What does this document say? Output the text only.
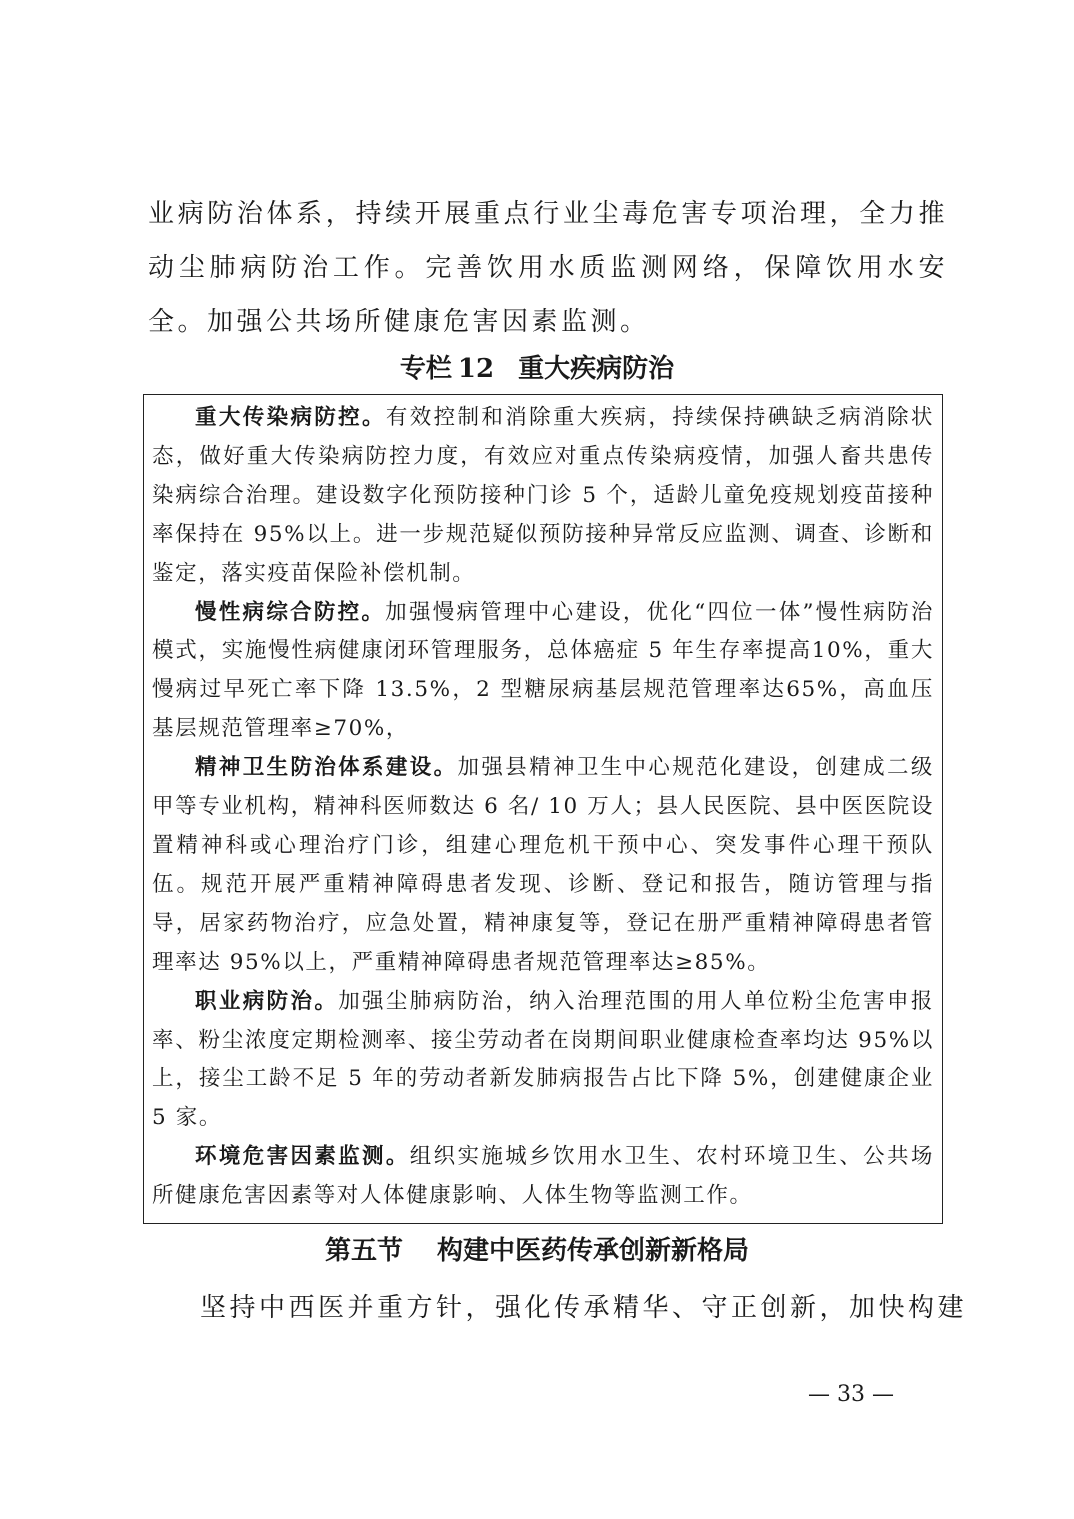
业病防治体系，持续开展重点行业尘毒危害专项治理，全力推动尘肺病防治工作。完善饮用水质监测网络，保障饮用水安全。加强公共场所健康危害因素监测。

专栏 12 重大疾病防治

重大传染病防控。有效控制和消除重大疾病，持续保持碘缺乏病消除状态，做好重大传染病防控力度，有效应对重点传染病疫情，加强人畜共患传染病综合治理。建设数字化预防接种门诊 5 个，适龄儿童免疫规划疫苗接种率保持在 95%以上。进一步规范疑似预防接种异常反应监测、调查、诊断和鉴定，落实疫苗保险补偿机制。

慢性病综合防控。加强慢病管理中心建设，优化“四位一体”慢性病防治模式，实施慢性病健康闭环管理服务，总体癌症 5 年生存率提高10%，重大慢病过早死亡率下降 13.5%，2 型糖尿病基层规范管理率达65%，高血压基层规范管理率≥70%，

精神卫生防治体系建设。加强县精神卫生中心规范化建设，创建成二级甲等专业机构，精神科医师数达 6 名/ 10 万人；县人民医院、县中医医院设置精神科或心理治疗门诊，组建心理危机干预中心、突发事件心理干预队伍。规范开展严重精神障碍患者发现、诊断、登记和报告，随访管理与指导，居家药物治疗，应急处置，精神康复等，登记在册严重精神障碍患者管理率达 95%以上，严重精神障碍患者规范管理率达≥85%。

职业病防治。加强尘肺病防治，纳入治理范围的用人单位粉尘危害申报率、粉尘浓度定期检测率、接尘劳动者在岗期间职业健康检查率均达 95%以上，接尘工龄不足 5 年的劳动者新发肺病报告占比下降 5%，创建健康企业 5 家。

环境危害因素监测。组织实施城乡饮用水卫生、农村环境卫生、公共场所健康危害因素等对人体健康影响、人体生物等监测工作。

第五节 构建中医药传承创新新格局

坚持中西医并重方针，强化传承精华、守正创新，加快构建

— 33 —
